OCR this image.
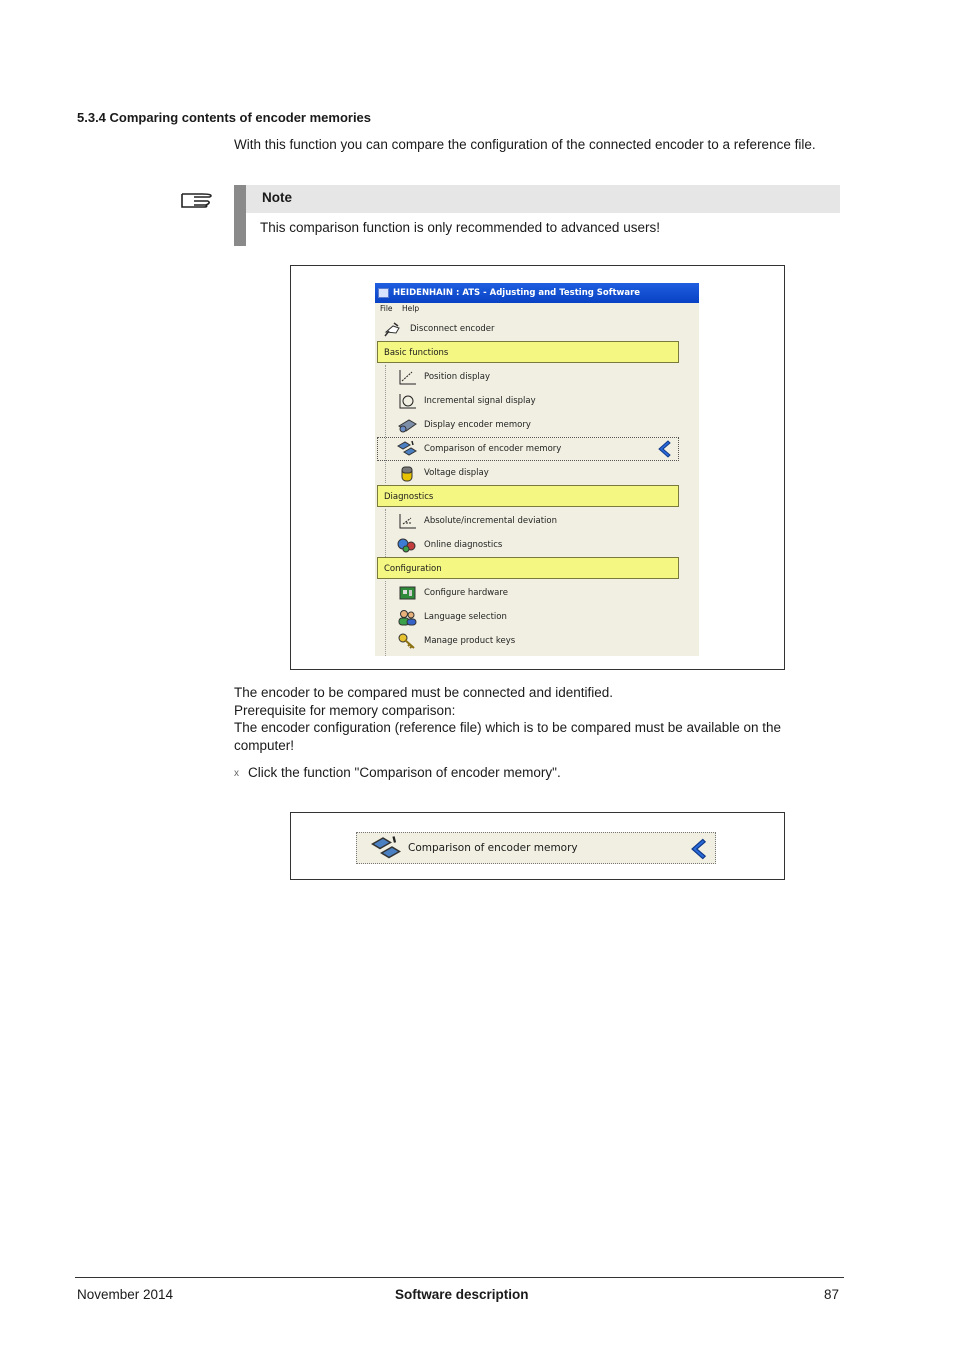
5.3.4 Comparing contents of encoder memories
With this function you can compare the configuration of the connected encoder to a reference file.
Note
This comparison function is only recommended to advanced users!
HEIDENHAIN : ATS - Adjusting and Testing Software
File Help
Disconnect encoder
Basic functions
Position display
Incremental signal display
Display encoder memory
Comparison of encoder memory
Voltage display
Diagnostics
Absolute/incremental deviation
Online diagnostics
Configuration
Configure hardware
Language selection
Manage product keys
The encoder to be compared must be connected and identified.
Prerequisite for memory comparison:
The encoder configuration (reference file) which is to be compared must be available on the computer!
x Click the function "Comparison of encoder memory".
Comparison of encoder memory
November 2014	Software description	87
